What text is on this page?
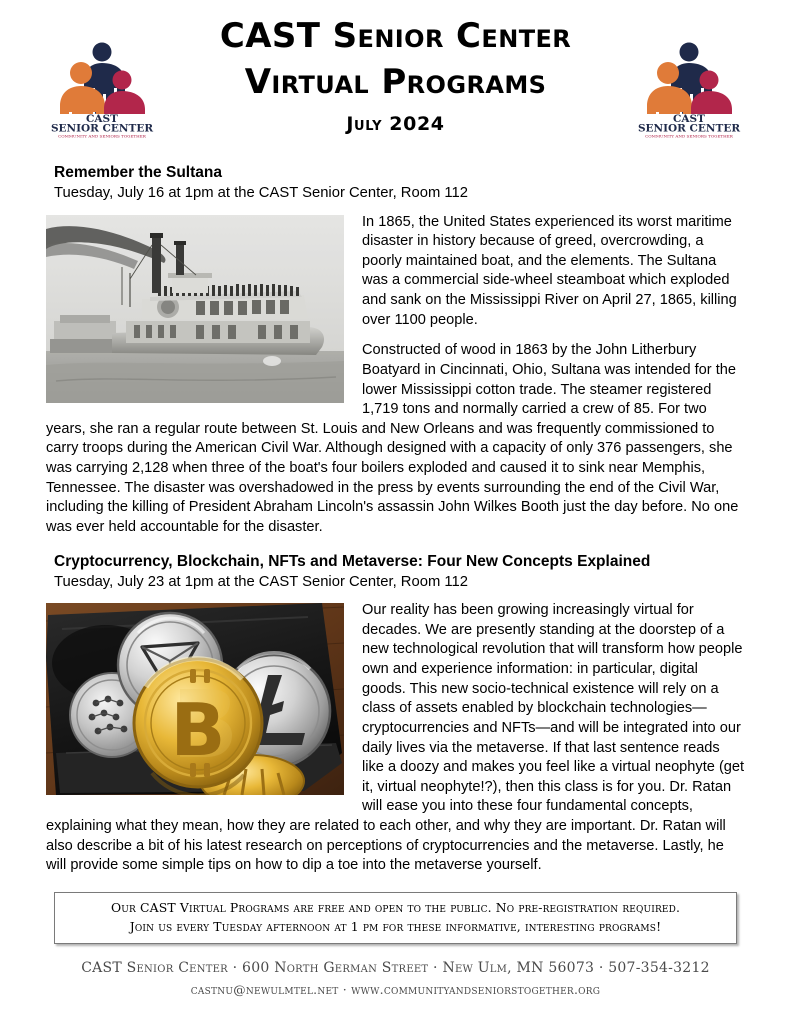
CAST
SENIOR CENTER
COMMUNITY AND SENIORS TOGETHER
CAST
SENIOR CENTER
COMMUNITY AND SENIORS TOGETHER
CAST Senior Center
Virtual Programs
July 2024
Remember the Sultana
Tuesday, July 16 at 1pm at the CAST Senior Center, Room 112

In 1865, the United States experienced its worst maritime disaster in history because of greed, overcrowding, a poorly maintained boat, and the elements. The Sultana was a commercial side-wheel steamboat which exploded and sank on the Mississippi River on April 27, 1865, killing over 1100 people.

Constructed of wood in 1863 by the John Litherbury Boatyard in Cincinnati, Ohio, Sultana was intended for the lower Mississippi cotton trade. The steamer registered 1,719 tons and normally carried a crew of 85. For two years, she ran a regular route between St. Louis and New Orleans and was frequently commissioned to carry troops during the American Civil War. Although designed with a capacity of only 376 passengers, she was carrying 2,128 when three of the boat's four boilers exploded and caused it to sink near Memphis, Tennessee. The disaster was overshadowed in the press by events surrounding the end of the Civil War, including the killing of President Abraham Lincoln's assassin John Wilkes Booth just the day before. No one was ever held accountable for the disaster.

Cryptocurrency, Blockchain, NFTs and Metaverse: Four New Concepts Explained
Tuesday, July 23 at 1pm at the CAST Senior Center, Room 112
B

Our reality has been growing increasingly virtual for decades. We are presently standing at the doorstep of a new technological revolution that will transform how people own and experience information: in particular, digital goods. This new socio-technical existence will rely on a class of assets enabled by blockchain technologies—cryptocurrencies and NFTs—and will be integrated into our daily lives via the metaverse. If that last sentence reads like a doozy and makes you feel like a virtual neophyte (get it, virtual neophyte!?), then this class is for you. Dr. Ratan will ease you into these four fundamental concepts, explaining what they mean, how they are related to each other, and why they are important. Dr. Ratan will also describe a bit of his latest research on perceptions of cryptocurrencies and the metaverse. Lastly, he will provide some simple tips on how to dip a toe into the metaverse yourself.

Our CAST Virtual Programs are free and open to the public. No pre-registration required.
Join us every Tuesday afternoon at 1 pm for these informative, interesting programs!
CAST Senior Center · 600 North German Street · New Ulm, MN 56073 · 507-354-3212
castnu@newulmtel.net · www.communityandseniorstogether.org
